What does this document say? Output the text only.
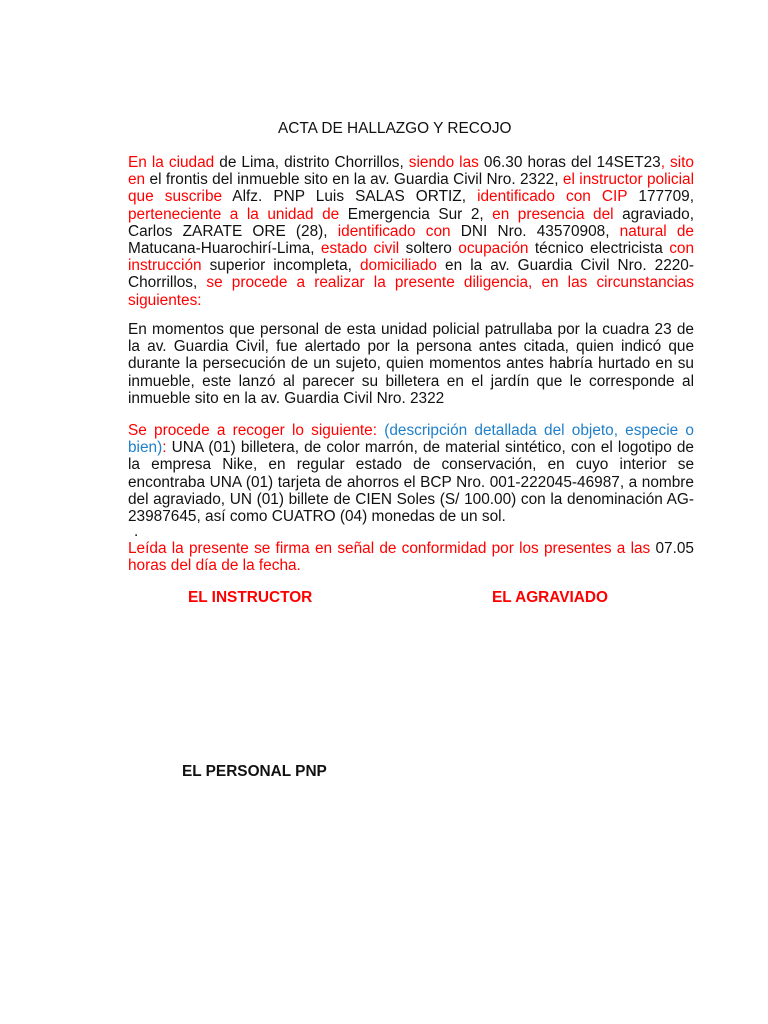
ACTA DE HALLAZGO Y RECOJO

En la ciudad de Lima, distrito Chorrillos, siendo las 06.30 horas del 14SET23, sito en el frontis del inmueble sito en la av. Guardia Civil Nro. 2322, el instructor policial que suscribe Alfz. PNP Luis SALAS ORTIZ, identificado con CIP 177709, perteneciente a la unidad de Emergencia Sur 2, en presencia del agraviado, Carlos ZARATE ORE (28), identificado con DNI Nro. 43570908, natural de Matucana-Huarochirí-Lima, estado civil soltero ocupación técnico electricista con instrucción superior incompleta, domiciliado en la av. Guardia Civil Nro. 2220-Chorrillos, se procede a realizar la presente diligencia, en las circunstancias siguientes:

En momentos que personal de esta unidad policial patrullaba por la cuadra 23 de la av. Guardia Civil, fue alertado por la persona antes citada, quien indicó que durante la persecución de un sujeto, quien momentos antes habría hurtado en su inmueble, este lanzó al parecer su billetera en el jardín que le corresponde al inmueble sito en la av. Guardia Civil Nro. 2322

Se procede a recoger lo siguiente: (descripción detallada del objeto, especie o bien): UNA (01) billetera, de color marrón, de material sintético, con el logotipo de la empresa Nike, en regular estado de conservación, en cuyo interior se encontraba UNA (01) tarjeta de ahorros el BCP Nro. 001-222045-46987, a nombre del agraviado, UN (01) billete de CIEN Soles (S/ 100.00) con la denominación AG-23987645, así como CUATRO (04) monedas de un sol.

.

Leída la presente se firma en señal de conformidad por los presentes a las 07.05 horas del día de la fecha.

EL INSTRUCTOR	EL AGRAVIADO
EL PERSONAL PNP
